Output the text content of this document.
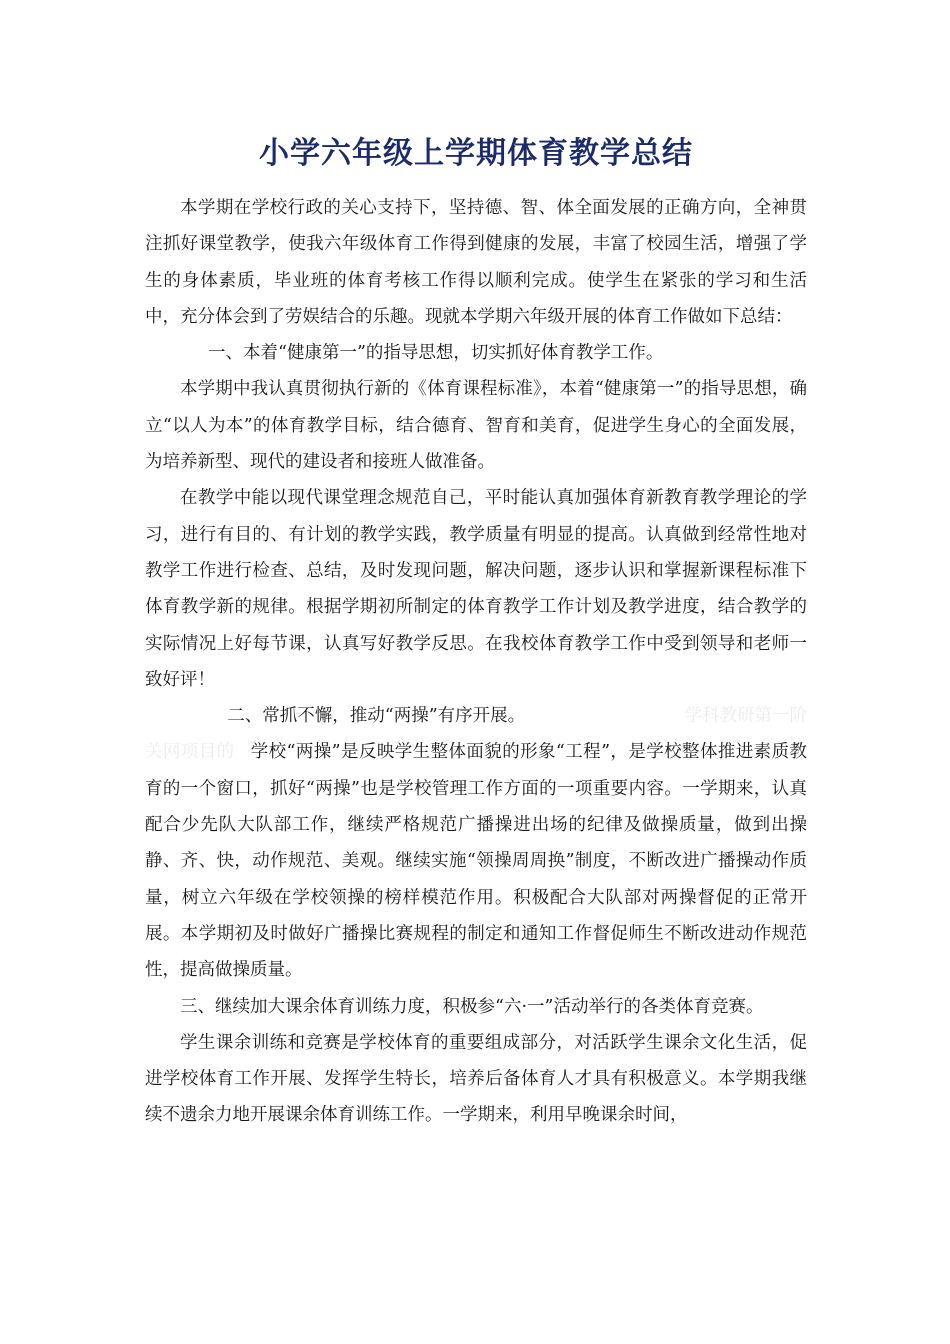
小学六年级上学期体育教学总结

本学期在学校行政的关心支持下，坚持德、智、体全面发展的正确方向，全神贯注抓好课堂教学，使我六年级体育工作得到健康的发展，丰富了校园生活，增强了学生的身体素质，毕业班的体育考核工作得以顺利完成。使学生在紧张的学习和生活中，充分体会到了劳娱结合的乐趣。现就本学期六年级开展的体育工作做如下总结：

一、本着“健康第一”的指导思想，切实抓好体育教学工作。

本学期中我认真贯彻执行新的《体育课程标准》，本着“健康第一”的指导思想，确立“以人为本”的体育教学目标，结合德育、智育和美育，促进学生身心的全面发展，为培养新型、现代的建设者和接班人做准备。

在教学中能以现代课堂理念规范自己，平时能认真加强体育新教育教学理论的学习，进行有目的、有计划的教学实践，教学质量有明显的提高。认真做到经常性地对教学工作进行检查、总结，及时发现问题，解决问题，逐步认识和掌握新课程标准下体育教学新的规律。根据学期初所制定的体育教学工作计划及教学进度，结合教学的实际情况上好每节课，认真写好教学反思。在我校体育教学工作中受到领导和老师一致好评！

二、常抓不懈，推动“两操”有序开展。	学科教研第一阶

关网项目的 学校“两操”是反映学生整体面貌的形象“工程”，是学校整体推进素质教育的一个窗口，抓好“两操”也是学校管理工作方面的一项重要内容。一学期来，认真配合少先队大队部工作，继续严格规范广播操进出场的纪律及做操质量，做到出操静、齐、快，动作规范、美观。继续实施“领操周周换”制度，不断改进广播操动作质量，树立六年级在学校领操的榜样模范作用。积极配合大队部对两操督促的正常开展。本学期初及时做好广播操比赛规程的制定和通知工作督促师生不断改进动作规范性，提高做操质量。

三、继续加大课余体育训练力度，积极参“六·一”活动举行的各类体育竞赛。

学生课余训练和竞赛是学校体育的重要组成部分，对活跃学生课余文化生活，促进学校体育工作开展、发挥学生特长，培养后备体育人才具有积极意义。本学期我继续不遗余力地开展课余体育训练工作。一学期来，利用早晚课余时间，
